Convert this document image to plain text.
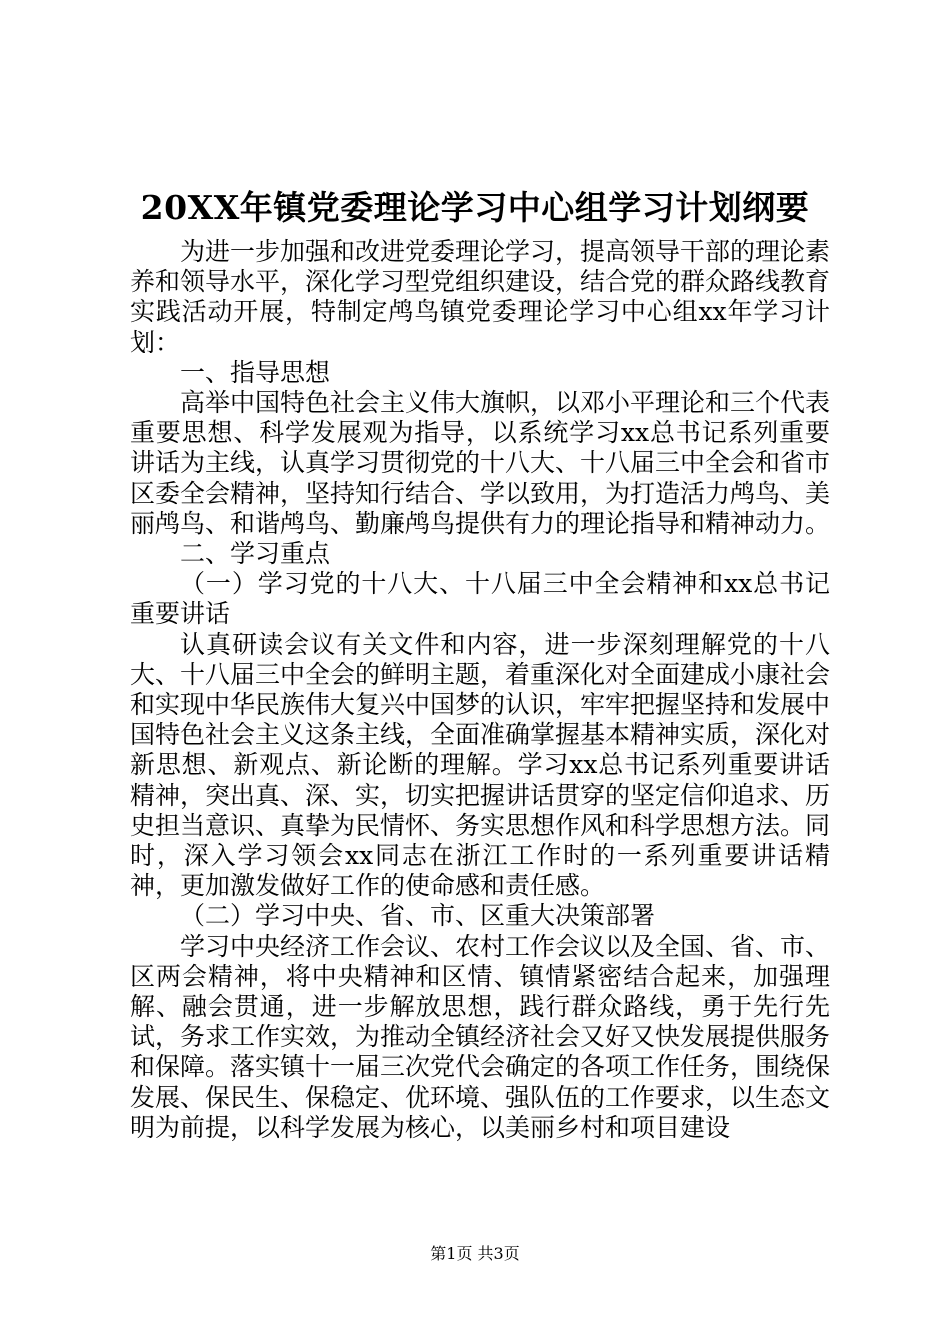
20XX年镇党委理论学习中心组学习计划纲要

为进一步加强和改进党委理论学习，提高领导干部的理论素养和领导水平，深化学习型党组织建设，结合党的群众路线教育实践活动开展，特制定鸬鸟镇党委理论学习中心组xx年学习计划：

一、指导思想

高举中国特色社会主义伟大旗帜，以邓小平理论和三个代表重要思想、科学发展观为指导，以系统学习xx总书记系列重要讲话为主线，认真学习贯彻党的十八大、十八届三中全会和省市区委全会精神，坚持知行结合、学以致用，为打造活力鸬鸟、美丽鸬鸟、和谐鸬鸟、勤廉鸬鸟提供有力的理论指导和精神动力。

二、学习重点

（一）学习党的十八大、十八届三中全会精神和xx总书记重要讲话

认真研读会议有关文件和内容，进一步深刻理解党的十八大、十八届三中全会的鲜明主题，着重深化对全面建成小康社会和实现中华民族伟大复兴中国梦的认识，牢牢把握坚持和发展中国特色社会主义这条主线，全面准确掌握基本精神实质，深化对新思想、新观点、新论断的理解。学习xx总书记系列重要讲话精神，突出真、深、实，切实把握讲话贯穿的坚定信仰追求、历史担当意识、真挚为民情怀、务实思想作风和科学思想方法。同时，深入学习领会xx同志在浙江工作时的一系列重要讲话精神，更加激发做好工作的使命感和责任感。

（二）学习中央、省、市、区重大决策部署

学习中央经济工作会议、农村工作会议以及全国、省、市、区两会精神，将中央精神和区情、镇情紧密结合起来，加强理解、融会贯通，进一步解放思想，践行群众路线，勇于先行先试，务求工作实效，为推动全镇经济社会又好又快发展提供服务和保障。落实镇十一届三次党代会确定的各项工作任务，围绕保发展、保民生、保稳定、优环境、强队伍的工作要求，以生态文明为前提，以科学发展为核心，以美丽乡村和项目建设

第1页 共3页
